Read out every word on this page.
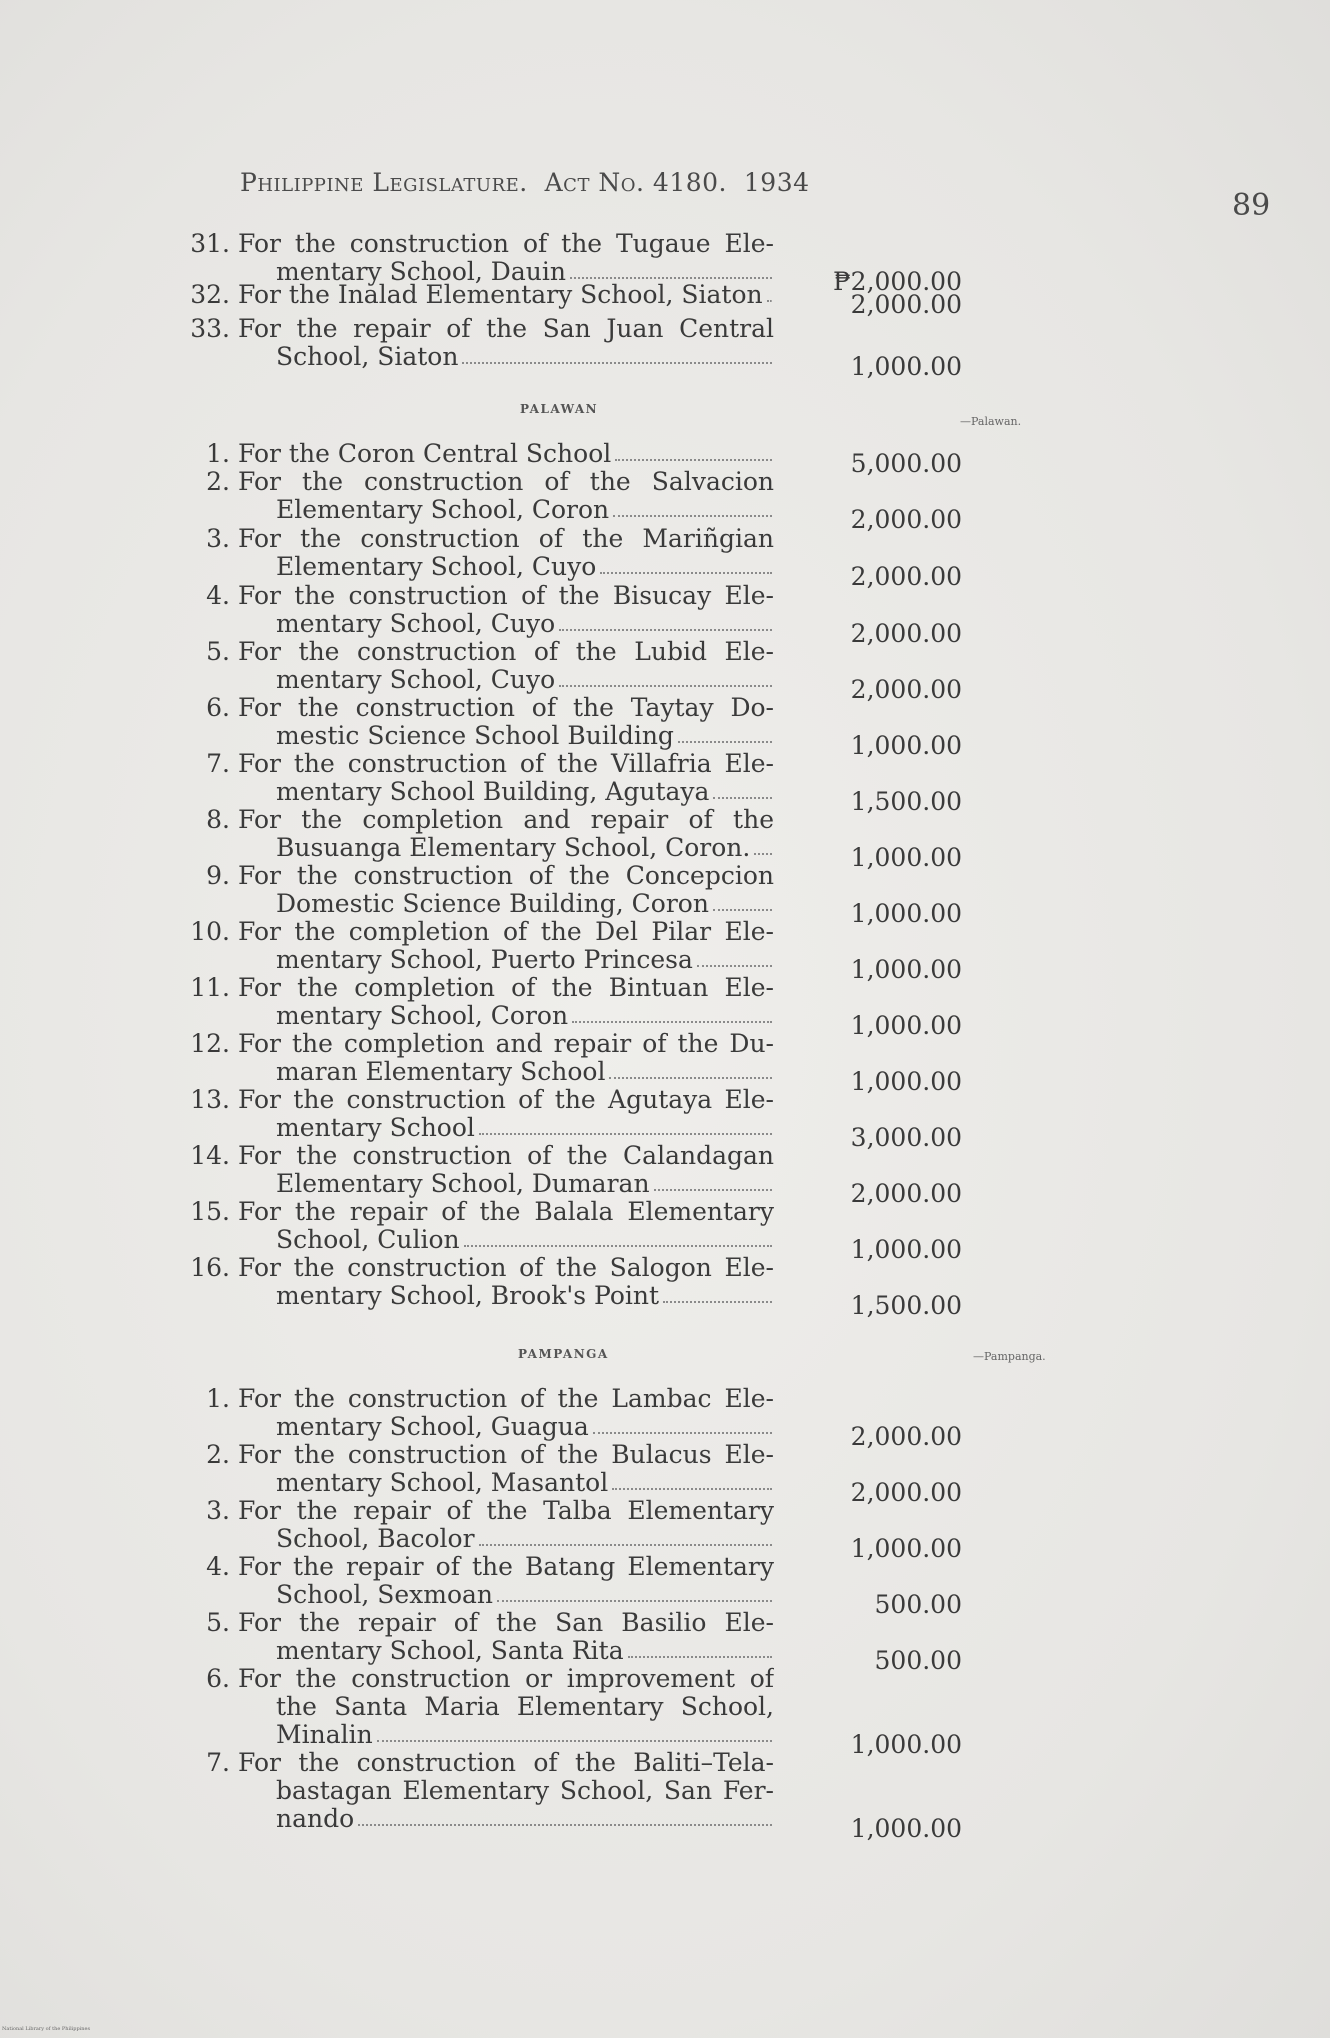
Philippine Legislature. Act No. 4180. 1934
89
31. For the construction of the Tugaue Ele-
mentary School, Dauin	₱2,000.00
32. For the Inalad Elementary School, Siaton	2,000.00
33. For the repair of the San Juan Central
School, Siaton	1,000.00
PALAWAN
—Palawan.
1. For the Coron Central School	5,000.00
2. For the construction of the Salvacion
Elementary School, Coron	2,000.00
3. For the construction of the Mariñgian
Elementary School, Cuyo	2,000.00
4. For the construction of the Bisucay Ele-
mentary School, Cuyo	2,000.00
5. For the construction of the Lubid Ele-
mentary School, Cuyo	2,000.00
6. For the construction of the Taytay Do-
mestic Science School Building	1,000.00
7. For the construction of the Villafria Ele-
mentary School Building, Agutaya	1,500.00
8. For the completion and repair of the
Busuanga Elementary School, Coron.	1,000.00
9. For the construction of the Concepcion
Domestic Science Building, Coron	1,000.00
10. For the completion of the Del Pilar Ele-
mentary School, Puerto Princesa	1,000.00
11. For the completion of the Bintuan Ele-
mentary School, Coron	1,000.00
12. For the completion and repair of the Du-
maran Elementary School	1,000.00
13. For the construction of the Agutaya Ele-
mentary School	3,000.00
14. For the construction of the Calandagan
Elementary School, Dumaran	2,000.00
15. For the repair of the Balala Elementary
School, Culion	1,000.00
16. For the construction of the Salogon Ele-
mentary School, Brook's Point	1,500.00
PAMPANGA	—Pampanga.
1. For the construction of the Lambac Ele-
mentary School, Guagua	2,000.00
2. For the construction of the Bulacus Ele-
mentary School, Masantol	2,000.00
3. For the repair of the Talba Elementary
School, Bacolor	1,000.00
4. For the repair of the Batang Elementary
School, Sexmoan	500.00
5. For the repair of the San Basilio Ele-
mentary School, Santa Rita	500.00
6. For the construction or improvement of
the Santa Maria Elementary School,
Minalin	1,000.00
7. For the construction of the Baliti–Tela-
bastagan Elementary School, San Fer-
nando	1,000.00
National Library of the Philippines
